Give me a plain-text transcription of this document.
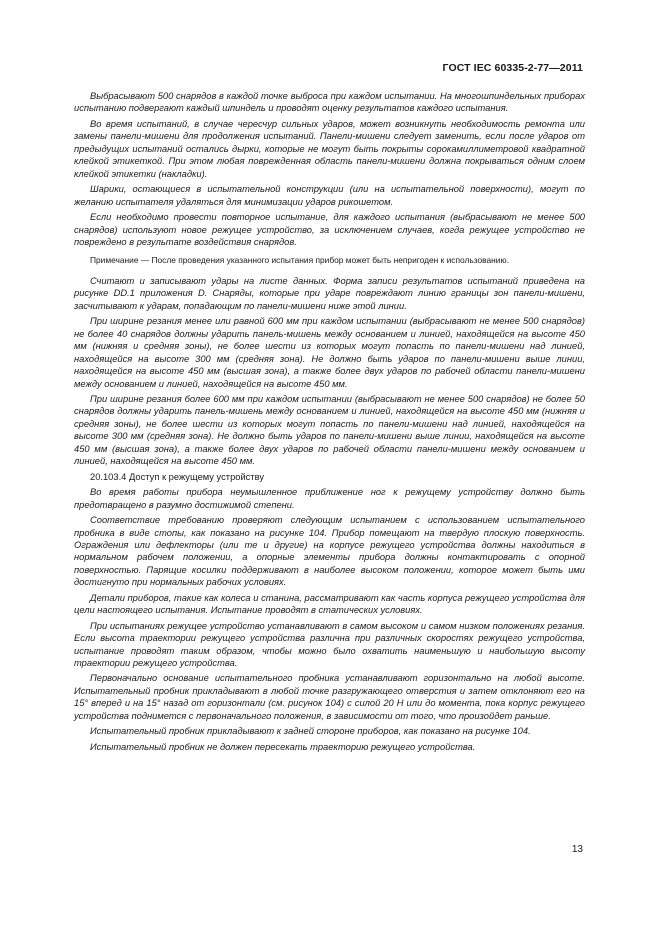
ГОСТ IEC 60335-2-77—2011

Выбрасывают 500 снарядов в каждой точке выброса при каждом испытании. На многошпиндельных приборах испытанию подвергают каждый шпиндель и проводят оценку результатов каждого испытания.

Во время испытаний, в случае чересчур сильных ударов, может возникнуть необходимость ремонта или замены панели-мишени для продолжения испытаний. Панели-мишени следует заменить, если после ударов от предыдущих испытаний остались дырки, которые не могут быть покрыты сорокамиллиметровой квадратной клейкой этикеткой. При этом любая поврежденная область панели-мишени должна покрываться одним слоем клейкой этикетки (накладки).

Шарики, остающиеся в испытательной конструкции (или на испытательной поверхности), могут по желанию испытателя удаляться для минимизации ударов рикошетом.

Если необходимо провести повторное испытание, для каждого испытания (выбрасывают не менее 500 снарядов) используют новое режущее устройство, за исключением случаев, когда режущее устройство не повреждено в результате воздействия снарядов.

Примечание — После проведения указанного испытания прибор может быть непригоден к использованию.

Считают и записывают удары на листе данных. Форма записи результатов испытаний приведена на рисунке DD.1 приложения D. Снаряды, которые при ударе повреждают линию границы зон панели-мишени, засчитывают к ударам, попадающим по панели-мишени ниже этой линии.

При ширине резания менее или равной 600 мм при каждом испытании (выбрасывают не менее 500 снарядов) не более 40 снарядов должны ударить панель-мишень между основанием и линией, находящейся на высоте 450 мм (нижняя и средняя зоны), не более шести из которых могут попасть по панели-мишени над линией, находящейся на высоте 300 мм (средняя зона). Не должно быть ударов по панели-мишени выше линии, находящейся на высоте 450 мм (высшая зона), а также более двух ударов по рабочей области панели-мишени между основанием и линией, находящейся на высоте 450 мм.

При ширине резания более 600 мм при каждом испытании (выбрасывают не менее 500 снарядов) не более 50 снарядов должны ударить панель-мишень между основанием и линией, находящейся на высоте 450 мм (нижняя и средняя зоны), не более шести из которых могут попасть по панели-мишени над линией, находящейся на высоте 300 мм (средняя зона). Не должно быть ударов по панели-мишени выше линии, находящейся на высоте 450 мм (высшая зона), а также более двух ударов по рабочей области панели-мишени между основанием и линией, находящейся на высоте 450 мм.

20.103.4 Доступ к режущему устройству

Во время работы прибора неумышленное приближение ног к режущему устройству должно быть предотвращено в разумно достижимой степени.

Соответствие требованию проверяют следующим испытанием с использованием испытательного пробника в виде стопы, как показано на рисунке 104. Прибор помещают на твердую плоскую поверхность. Ограждения или дефлекторы (или те и другие) на корпусе режущего устройства должны находиться в нормальном рабочем положении, а опорные элементы прибора должны контактировать с опорной поверхностью. Парящие косилки поддерживают в наиболее высоком положении, которое может быть ими достигнуто при нормальных рабочих условиях.

Детали приборов, такие как колеса и станина, рассматривают как часть корпуса режущего устройства для цели настоящего испытания. Испытание проводят в статических условиях.

При испытаниях режущее устройство устанавливают в самом высоком и самом низком положениях резания. Если высота траектории режущего устройства различна при различных скоростях режущего устройства, испытание проводят таким образом, чтобы можно было охватить наименьшую и наибольшую высоту траектории режущего устройства.

Первоначально основание испытательного пробника устанавливают горизонтально на любой высоте. Испытательный пробник прикладывают в любой точке разгружающего отверстия и затем отклоняют его на 15° вперед и на 15° назад от горизонтали (см. рисунок 104) с силой 20 Н или до момента, пока корпус режущего устройства поднимется с первоначального положения, в зависимости от того, что произойдет раньше.

Испытательный пробник прикладывают к задней стороне приборов, как показано на рисунке 104.

Испытательный пробник не должен пересекать траекторию режущего устройства.

13
